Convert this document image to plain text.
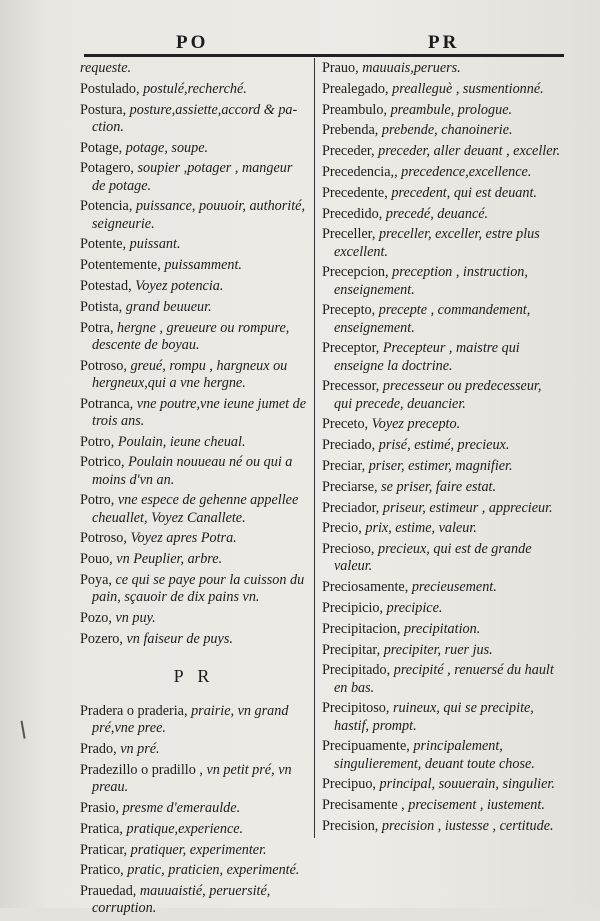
PO	PR

requeste.

Postulado, postulé,recherché.

Postura, posture,assiette,accord & pa-ction.

Potage, potage, soupe.

Potagero, soupier ,potager , mangeur de potage.

Potencia, puissance, pouuoir, authorité, seigneurie.

Potente, puissant.

Potentemente, puissamment.

Potestad, Voyez potencia.

Potista, grand beuueur.

Potra, hergne , greueure ou rompure, descente de boyau.

Potroso, greué, rompu , hargneux ou hergneux,qui a vne hergne.

Potranca, vne poutre,vne ieune jumet de trois ans.

Potro, Poulain, ieune cheual.

Potrico, Poulain nouueau né ou qui a moins d'vn an.

Potro, vne espece de gehenne appellee cheuallet, Voyez Canallete.

Potroso, Voyez apres Potra.

Pouo, vn Peuplier, arbre.

Poya, ce qui se paye pour la cuisson du pain, sçauoir de dix pains vn.

Pozo, vn puy.

Pozero, vn faiseur de puys.

P R

Pradera o praderia, prairie, vn grand pré,vne pree.

Prado, vn pré.

Pradezillo o pradillo , vn petit pré, vn preau.

Prasio, presme d'emeraulde.

Pratica, pratique,experience.

Praticar, pratiquer, experimenter.

Pratico, pratic, praticien, experimenté.

Prauedad, mauuaistié, peruersité, corruption.

Prauo, mauuais,peruers.

Prealegado, prealleguè , susmentionné.

Preambulo, preambule, prologue.

Prebenda, prebende, chanoinerie.

Preceder, preceder, aller deuant , exceller.

Precedencia,, precedence,excellence.

Precedente, precedent, qui est deuant.

Precedido, precedé, deuancé.

Preceller, preceller, exceller, estre plus excellent.

Precepcion, preception , instruction, enseignement.

Precepto, precepte , commandement, enseignement.

Preceptor, Precepteur , maistre qui enseigne la doctrine.

Precessor, precesseur ou predecesseur, qui precede, deuancier.

Preceto, Voyez precepto.

Preciado, prisé, estimé, precieux.

Preciar, priser, estimer, magnifier.

Preciarse, se priser, faire estat.

Preciador, priseur, estimeur , apprecieur.

Precio, prix, estime, valeur.

Precioso, precieux, qui est de grande valeur.

Preciosamente, precieusement.

Precipicio, precipice.

Precipitacion, precipitation.

Precipitar, precipiter, ruer jus.

Precipitado, precipité , renuersé du hault en bas.

Precipitoso, ruineux, qui se precipite, hastif, prompt.

Precipuamente, principalement, singulierement, deuant toute chose.

Precipuo, principal, souuerain, singulier.

Precisamente , precisement , iustement.

Precision, precision , iustesse , certitude.
